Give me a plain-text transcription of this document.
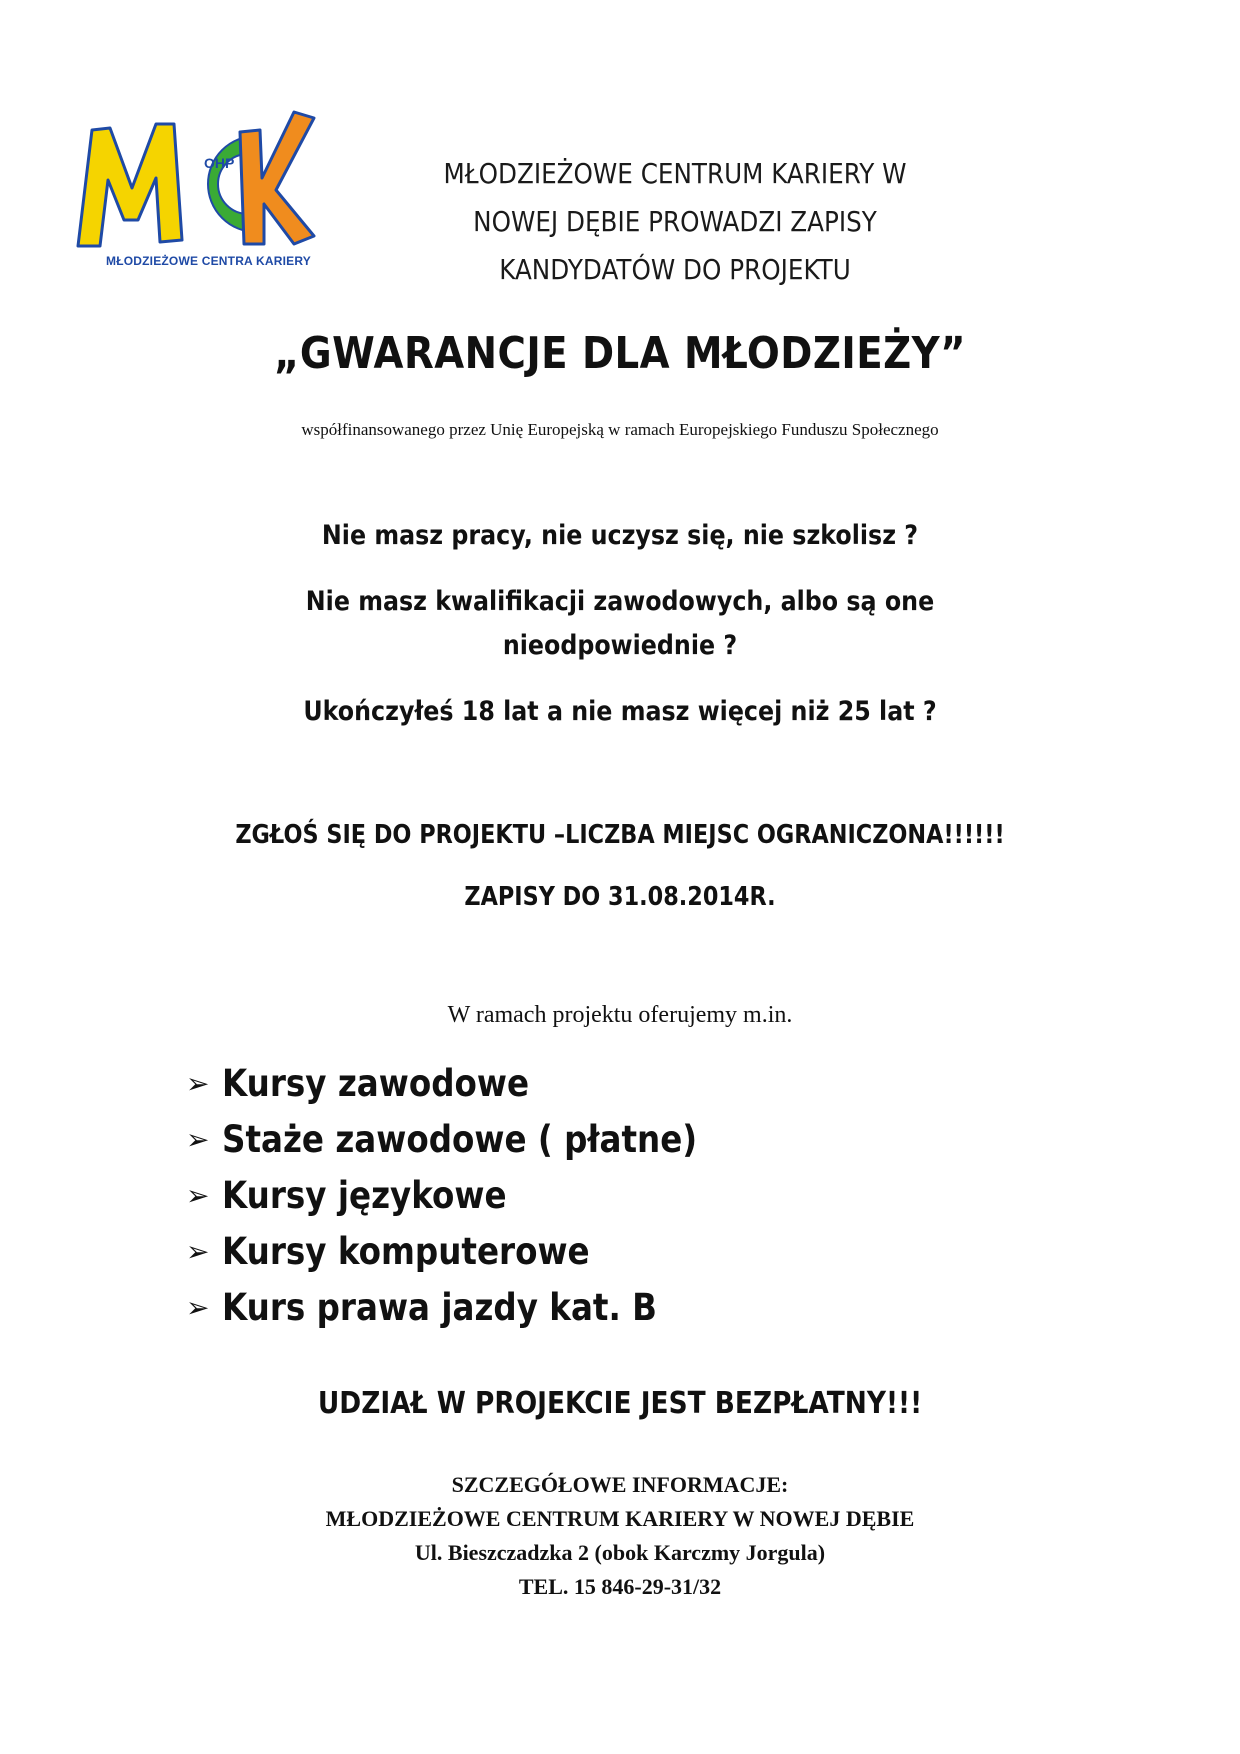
OHP
MŁODZIEŻOWE CENTRA KARIERY
MŁODZIEŻOWE CENTRUM KARIERY W
NOWEJ DĘBIE PROWADZI ZAPISY
KANDYDATÓW DO PROJEKTU
„GWARANCJE DLA MŁODZIEŻY”
współfinansowanego przez Unię Europejską w ramach Europejskiego Funduszu Społecznego
Nie masz pracy, nie uczysz się, nie szkolisz ?
Nie masz kwalifikacji zawodowych, albo są one
nieodpowiednie ?
Ukończyłeś 18 lat a nie masz więcej niż 25 lat ?
ZGŁOŚ SIĘ DO PROJEKTU –LICZBA MIEJSC OGRANICZONA!!!!!!
ZAPISY DO 31.08.2014R.
W ramach projektu oferujemy m.in.
➢ Kursy zawodowe
➢ Staże zawodowe ( płatne)
➢ Kursy językowe
➢ Kursy komputerowe
➢ Kurs prawa jazdy kat. B
UDZIAŁ W PROJEKCIE JEST BEZPŁATNY!!!
SZCZEGÓŁOWE INFORMACJE:
MŁODZIEŻOWE CENTRUM KARIERY W NOWEJ DĘBIE
Ul. Bieszczadzka 2 (obok Karczmy Jorgula)
TEL. 15 846-29-31/32
